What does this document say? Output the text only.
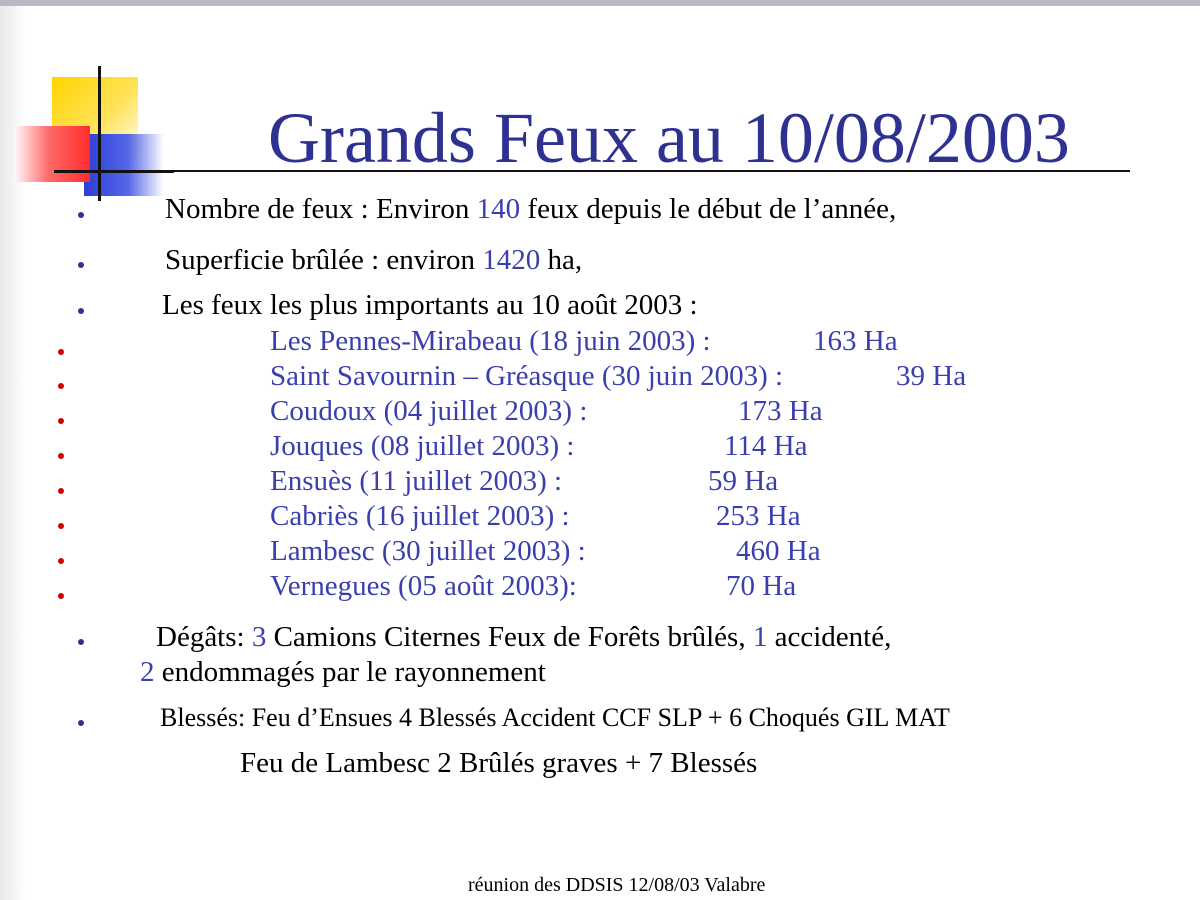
Grands Feux au 10/08/2003
Nombre de feux : Environ 140 feux depuis le début de l’année,
Superficie brûlée : environ 1420 ha,
Les feux les plus importants au 10 août 2003 :
Les Pennes-Mirabeau (18 juin 2003) :	163 Ha
Saint Savournin – Gréasque (30 juin 2003) :	39 Ha
Coudoux (04 juillet 2003) :	173 Ha
Jouques (08 juillet 2003) :	114 Ha
Ensuès (11 juillet 2003) :	59 Ha
Cabriès (16 juillet 2003) :	253 Ha
Lambesc (30 juillet 2003) :	460 Ha
Vernegues (05 août 2003):	70 Ha
Dégâts: 3 Camions Citernes Feux de Forêts brûlés, 1 accidenté,
2 endommagés par le rayonnement
Blessés: Feu d’Ensues 4 Blessés Accident CCF SLP + 6 Choqués GIL MAT
Feu de Lambesc 2 Brûlés graves + 7 Blessés
réunion des DDSIS 12/08/03 Valabre
